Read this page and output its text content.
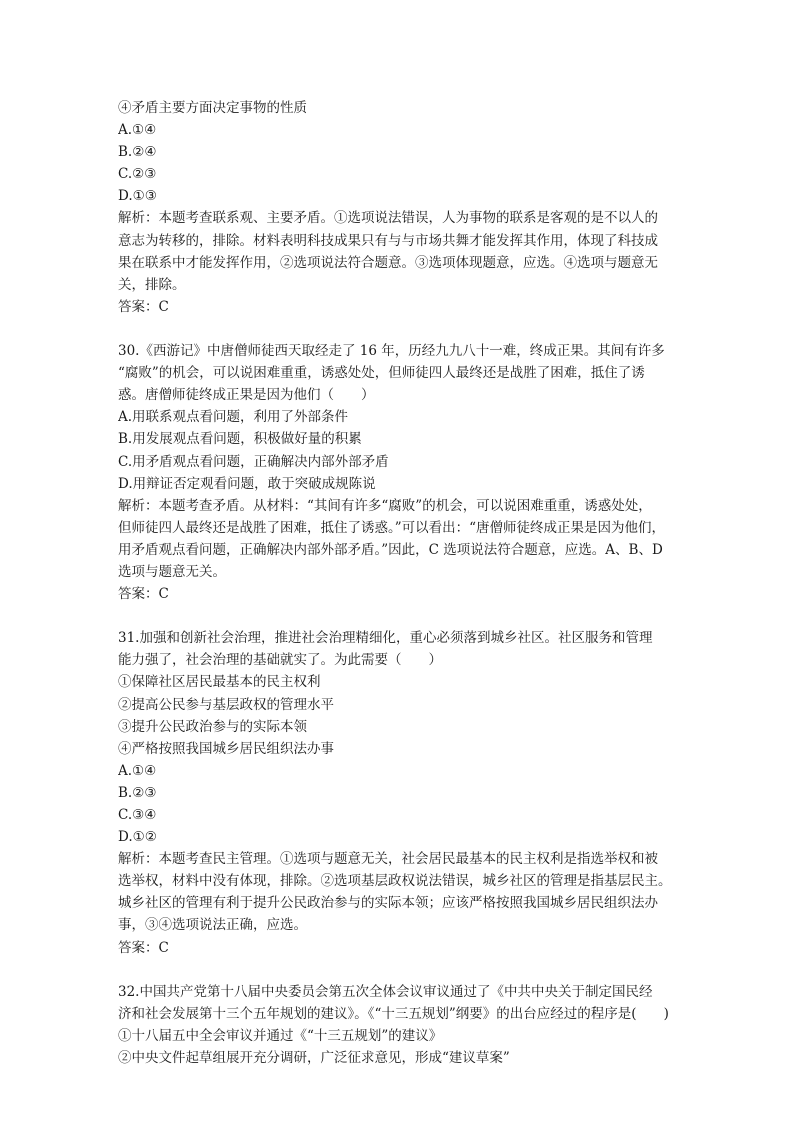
④矛盾主要方面决定事物的性质
A.①④
B.②④
C.②③
D.①③
解析：本题考查联系观、主要矛盾。①选项说法错误，人为事物的联系是客观的是不以人的
意志为转移的，排除。材料表明科技成果只有与与市场共舞才能发挥其作用，体现了科技成
果在联系中才能发挥作用，②选项说法符合题意。③选项体现题意，应选。④选项与题意无
关，排除。
答案：C
30.《西游记》中唐僧师徒西天取经走了 16 年，历经九九八十一难，终成正果。其间有许多
“腐败”的机会，可以说困难重重，诱惑处处，但师徒四人最终还是战胜了困难，抵住了诱
惑。唐僧师徒终成正果是因为他们（　　）
A.用联系观点看问题，利用了外部条件
B.用发展观点看问题，积极做好量的积累
C.用矛盾观点看问题，正确解决内部外部矛盾
D.用辩证否定观看问题，敢于突破成规陈说
解析：本题考查矛盾。从材料：“其间有许多“腐败”的机会，可以说困难重重，诱惑处处，
但师徒四人最终还是战胜了困难，抵住了诱惑。”可以看出：“唐僧师徒终成正果是因为他们，
用矛盾观点看问题，正确解决内部外部矛盾。”因此，C 选项说法符合题意，应选。A、B、D
选项与题意无关。
答案：C
31.加强和创新社会治理，推进社会治理精细化，重心必须落到城乡社区。社区服务和管理
能力强了，社会治理的基础就实了。为此需要（　　）
①保障社区居民最基本的民主权利
②提高公民参与基层政权的管理水平
③提升公民政治参与的实际本领
④严格按照我国城乡居民组织法办事
A.①④
B.②③
C.③④
D.①②
解析：本题考查民主管理。①选项与题意无关，社会居民最基本的民主权利是指选举权和被
选举权，材料中没有体现，排除。②选项基层政权说法错误，城乡社区的管理是指基层民主。
城乡社区的管理有利于提升公民政治参与的实际本领；应该严格按照我国城乡居民组织法办
事，③④选项说法正确，应选。
答案：C
32.中国共产党第十八届中央委员会第五次全体会议审议通过了《中共中央关于制定国民经
济和社会发展第十三个五年规划的建议》。《“十三五规划”纲要》的出台应经过的程序是(　　)
①十八届五中全会审议并通过《“十三五规划”的建议》
②中央文件起草组展开充分调研，广泛征求意见，形成“建议草案”
